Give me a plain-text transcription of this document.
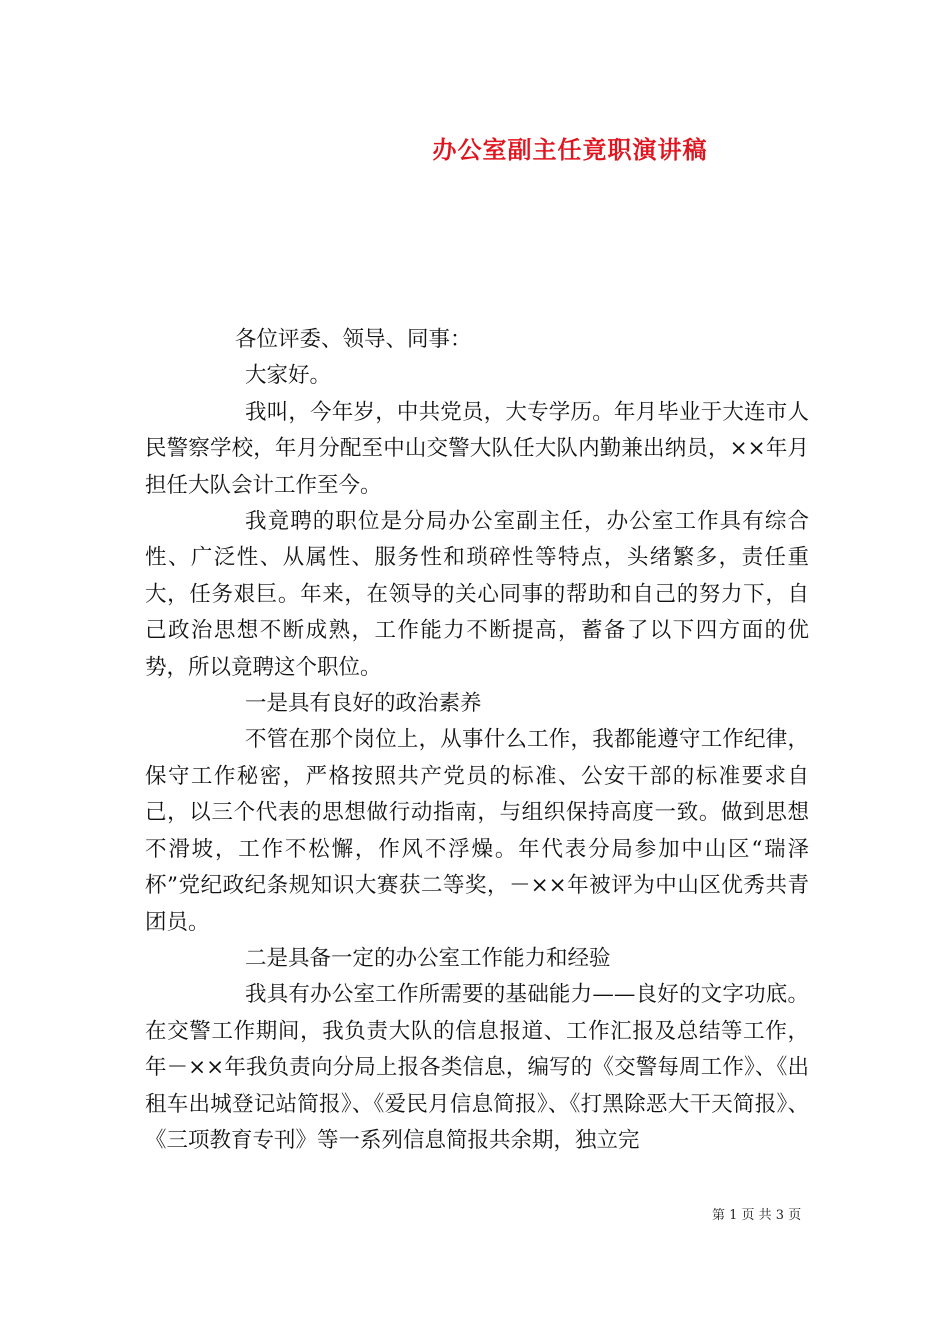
办公室副主任竟职演讲稿

各位评委、领导、同事：

大家好。

我叫，今年岁，中共党员，大专学历。年月毕业于大连市人民警察学校，年月分配至中山交警大队任大队内勤兼出纳员，××年月担任大队会计工作至今。

我竟聘的职位是分局办公室副主任，办公室工作具有综合性、广泛性、从属性、服务性和琐碎性等特点，头绪繁多，责任重大，任务艰巨。年来，在领导的关心同事的帮助和自己的努力下，自己政治思想不断成熟，工作能力不断提高，蓄备了以下四方面的优势，所以竟聘这个职位。

一是具有良好的政治素养

不管在那个岗位上，从事什么工作，我都能遵守工作纪律，保守工作秘密，严格按照共产党员的标准、公安干部的标准要求自己，以三个代表的思想做行动指南，与组织保持高度一致。做到思想不滑坡，工作不松懈，作风不浮燥。年代表分局参加中山区“瑞泽杯”党纪政纪条规知识大赛获二等奖，－××年被评为中山区优秀共青团员。

二是具备一定的办公室工作能力和经验

我具有办公室工作所需要的基础能力——良好的文字功底。在交警工作期间，我负责大队的信息报道、工作汇报及总结等工作，年－××年我负责向分局上报各类信息，编写的《交警每周工作》、《出租车出城登记站简报》、《爱民月信息简报》、《打黑除恶大干天简报》、《三项教育专刊》等一系列信息简报共余期，独立完

第 1 页 共 3 页
